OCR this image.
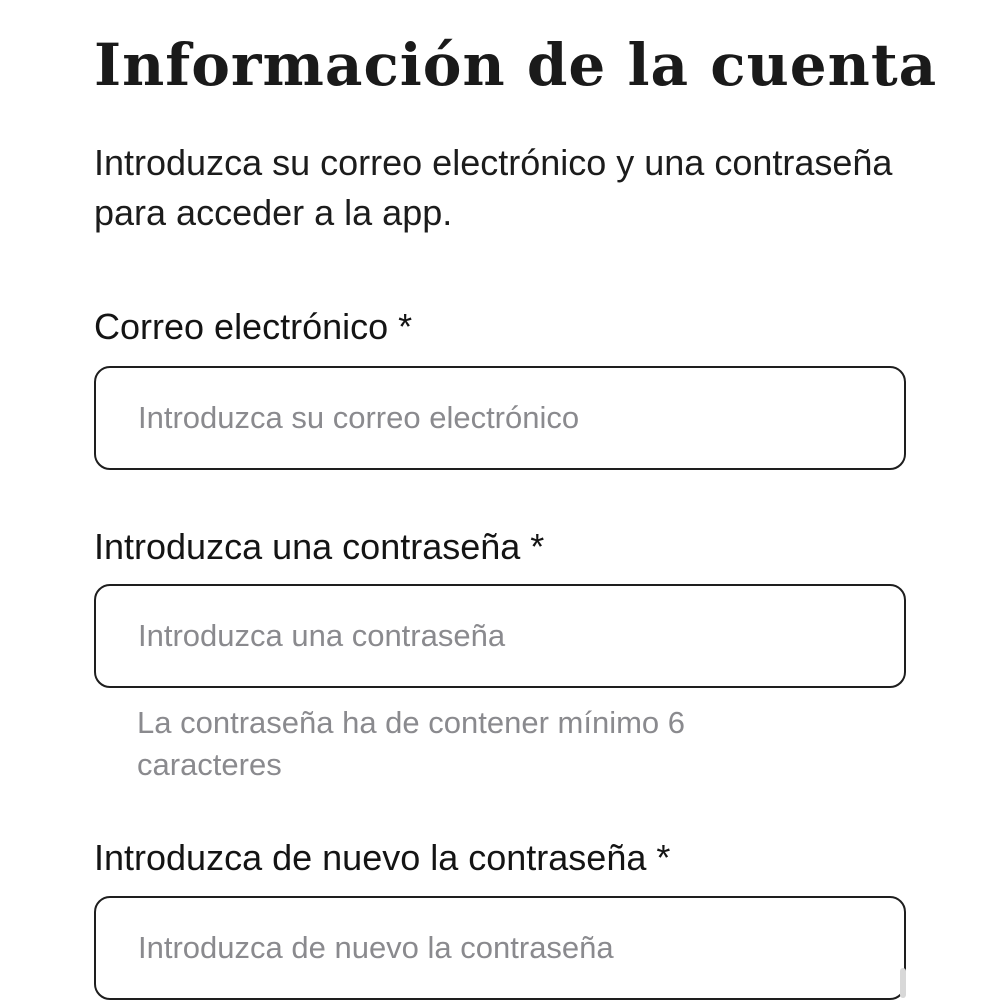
Información de la cuenta

Introduzca su correo electrónico y una contraseña para acceder a la app.

Correo electrónico *
Introduzca su correo electrónico
Introduzca una contraseña *

La contraseña ha de contener mínimo 6 caracteres

Introduzca de nuevo la contraseña *
